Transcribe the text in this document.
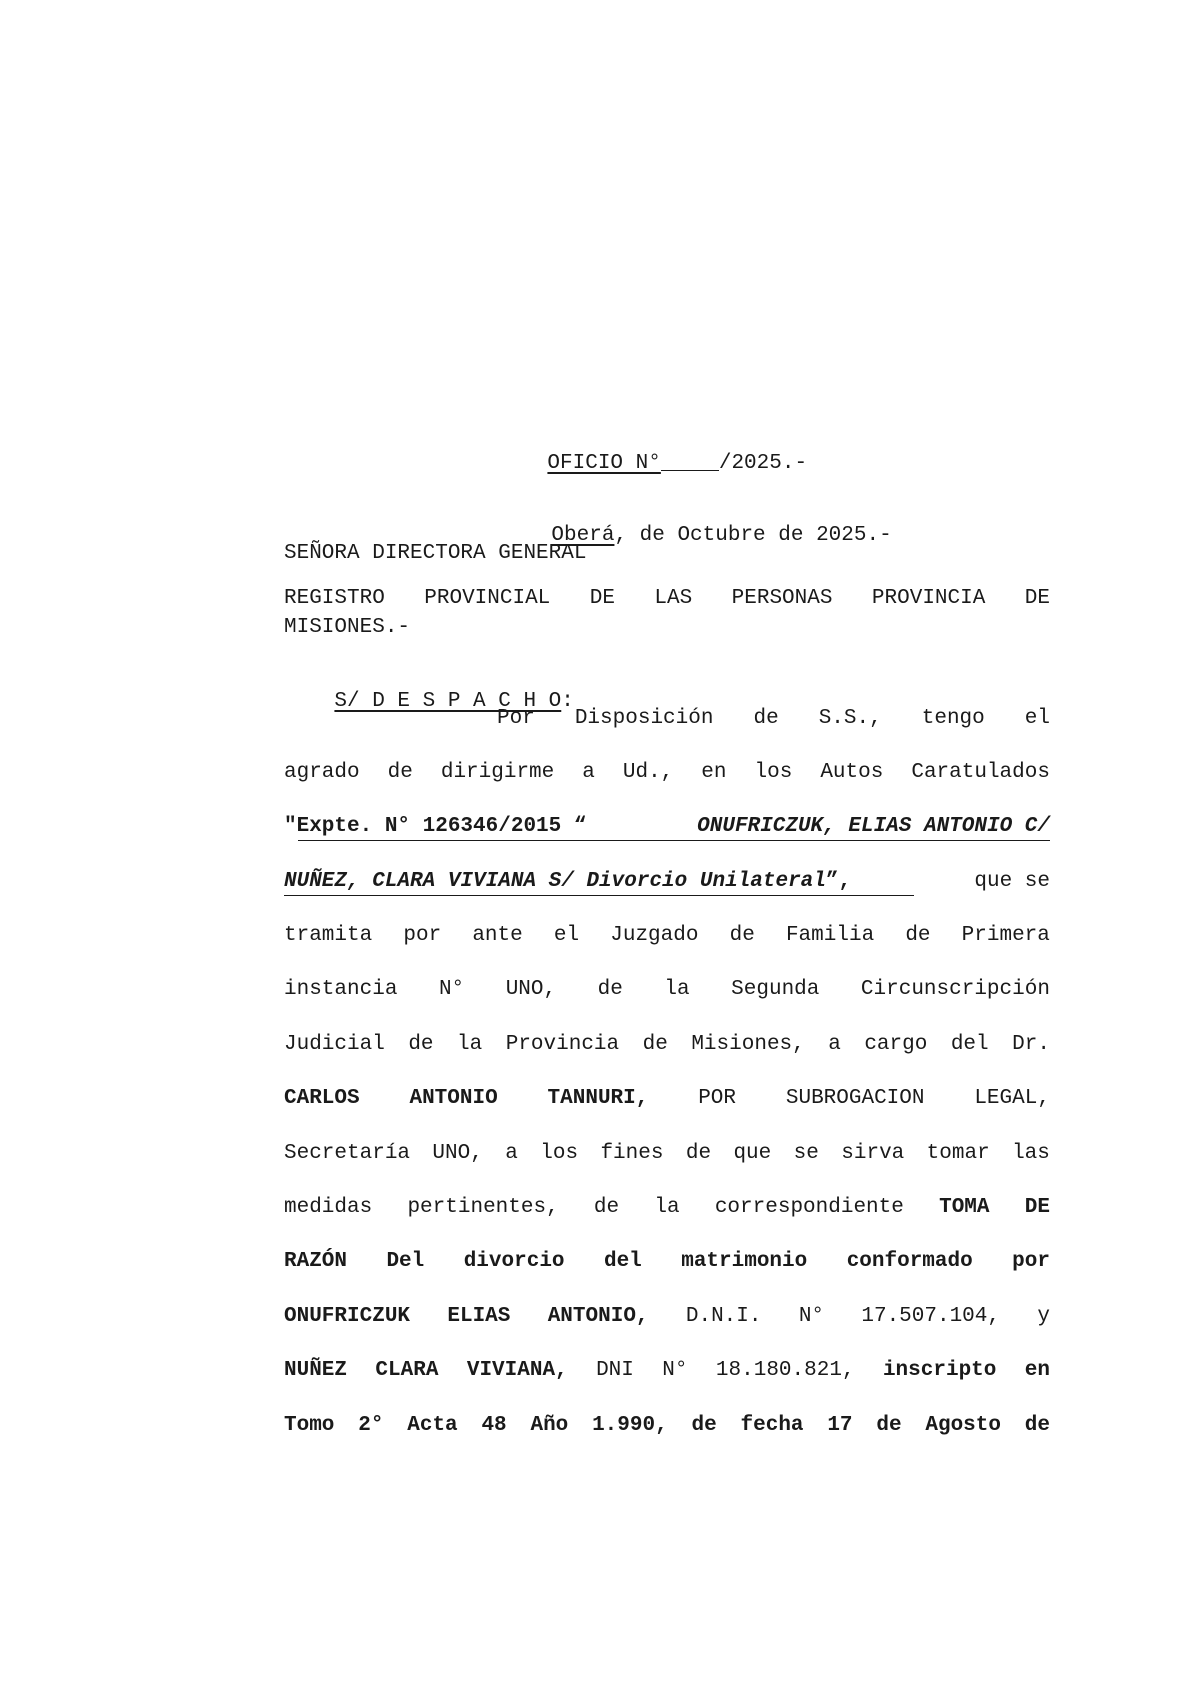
OFICIO N°	/2025.-

Oberá, de Octubre de 2025.-

SEÑORA DIRECTORA GENERAL
REGISTRO PROVINCIAL DE LAS PERSONAS PROVINCIA DE
MISIONES.-

S/ D E S P A C H O:

Por Disposición de S.S., tengo el
agrado de dirigirme a Ud., en los Autos Caratulados
"Expte. N° 126346/2015 “	ONUFRICZUK, ELIAS ANTONIO C/
NUÑEZ, CLARA VIVIANA S/ Divorcio Unilateral ”,	que se
tramita por ante el Juzgado de Familia de Primera
instancia N° UNO, de la Segunda Circunscripción
Judicial de la Provincia de Misiones, a cargo del Dr.
CARLOS ANTONIO TANNURI, POR SUBROGACION LEGAL,
Secretaría UNO, a los fines de que se sirva tomar las
medidas pertinentes, de la correspondiente TOMA DE
RAZÓN Del divorcio del matrimonio conformado por
ONUFRICZUK ELIAS ANTONIO, D.N.I. N° 17.507.104, y
NUÑEZ CLARA VIVIANA, DNI N° 18.180.821, inscripto en
Tomo 2° Acta 48 Año 1.990, de fecha 17 de Agosto de
